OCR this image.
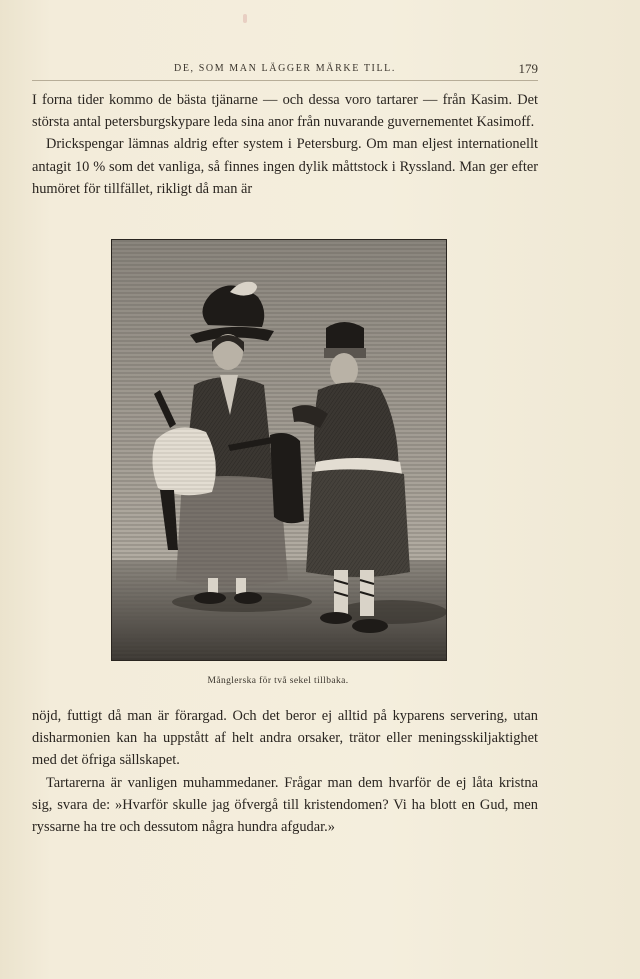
DE, SOM MAN LÄGGER MÄRKE TILL.	179

I forna tider kommo de bästa tjänarne — och dessa voro tartarer — från Kasim. Det största antal petersburgskypare leda sina anor från nuvarande guvernementet Kasimoff.

Drickspengar lämnas aldrig efter system i Petersburg. Om man eljest internationellt antagit 10 % som det vanliga, så finnes ingen dylik måttstock i Ryssland. Man ger efter humöret för tillfället, rikligt då man är

Månglerska för två sekel tillbaka.

nöjd, futtigt då man är förargad. Och det beror ej alltid på kyparens servering, utan disharmonien kan ha uppstått af helt andra orsaker, trätor eller meningsskiljaktighet med det öfriga sällskapet.

Tartarerna är vanligen muhammedaner. Frågar man dem hvarför de ej låta kristna sig, svara de: »Hvarför skulle jag öfvergå till kristendomen? Vi ha blott en Gud, men ryssarne ha tre och dessutom några hundra afgudar.»
